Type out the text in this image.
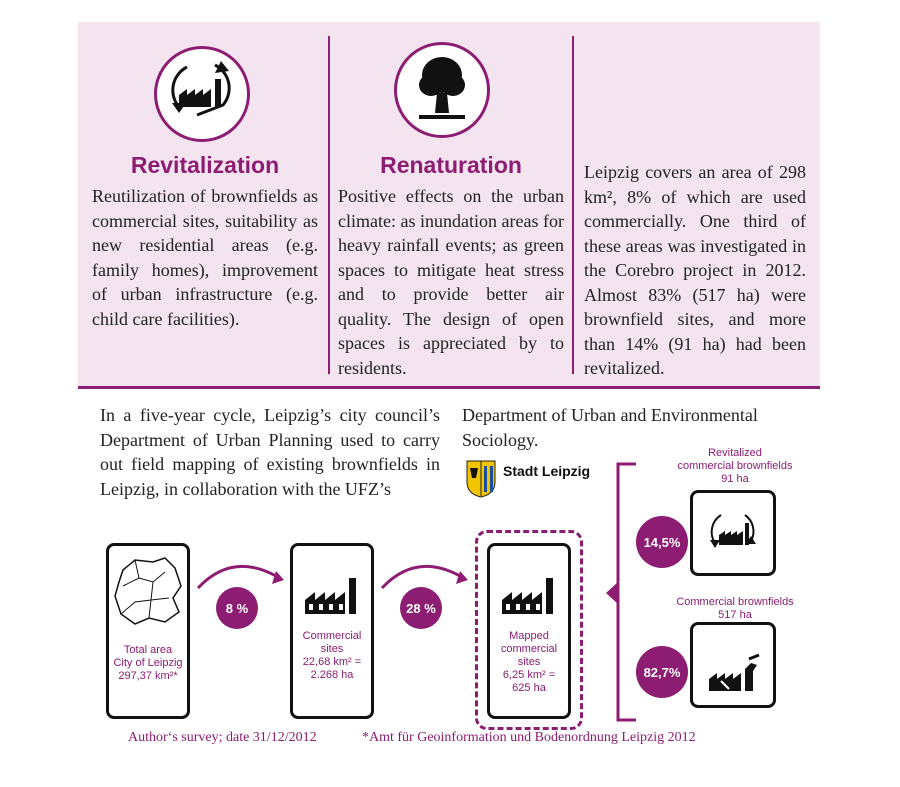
Revitalization
Reutilization of brownfields as commercial sites, suitability as new residential areas (e.g. family homes), improvement of urban infrastructure (e.g. child care facilities).
Renaturation
Positive effects on the urban climate: as inundation areas for heavy rainfall events; as green spaces to mitigate heat stress and to provide better air quality. The design of open spaces is appreciated by to residents.
Leipzig covers an area of 298 km², 8% of which are used commercially. One third of these areas was investigated in the Corebro project in 2012. Almost 83% (517 ha) were brownfield sites, and more than 14% (91 ha) had been revitalized.
In a five-year cycle, Leipzig’s city council’s Department of Urban Planning used to carry out field mapping of existing brownfields in Leipzig, in collaboration with the UFZ’s
Department of Urban and Environmental Sociology.
Stadt Leipzig
Total area
City of Leipzig
297,37 km²*
8 %
Commercial
sites
22,68 km² =
2.268 ha
28 %
Mapped
commercial
sites
6,25 km² =
625 ha
Revitalized
commercial brownfields
91 ha
14,5%
Commercial brownfields
517 ha
82,7%
Author‘s survey; date 31/12/2012	*Amt für Geoinformation und Bodenordnung Leipzig 2012
